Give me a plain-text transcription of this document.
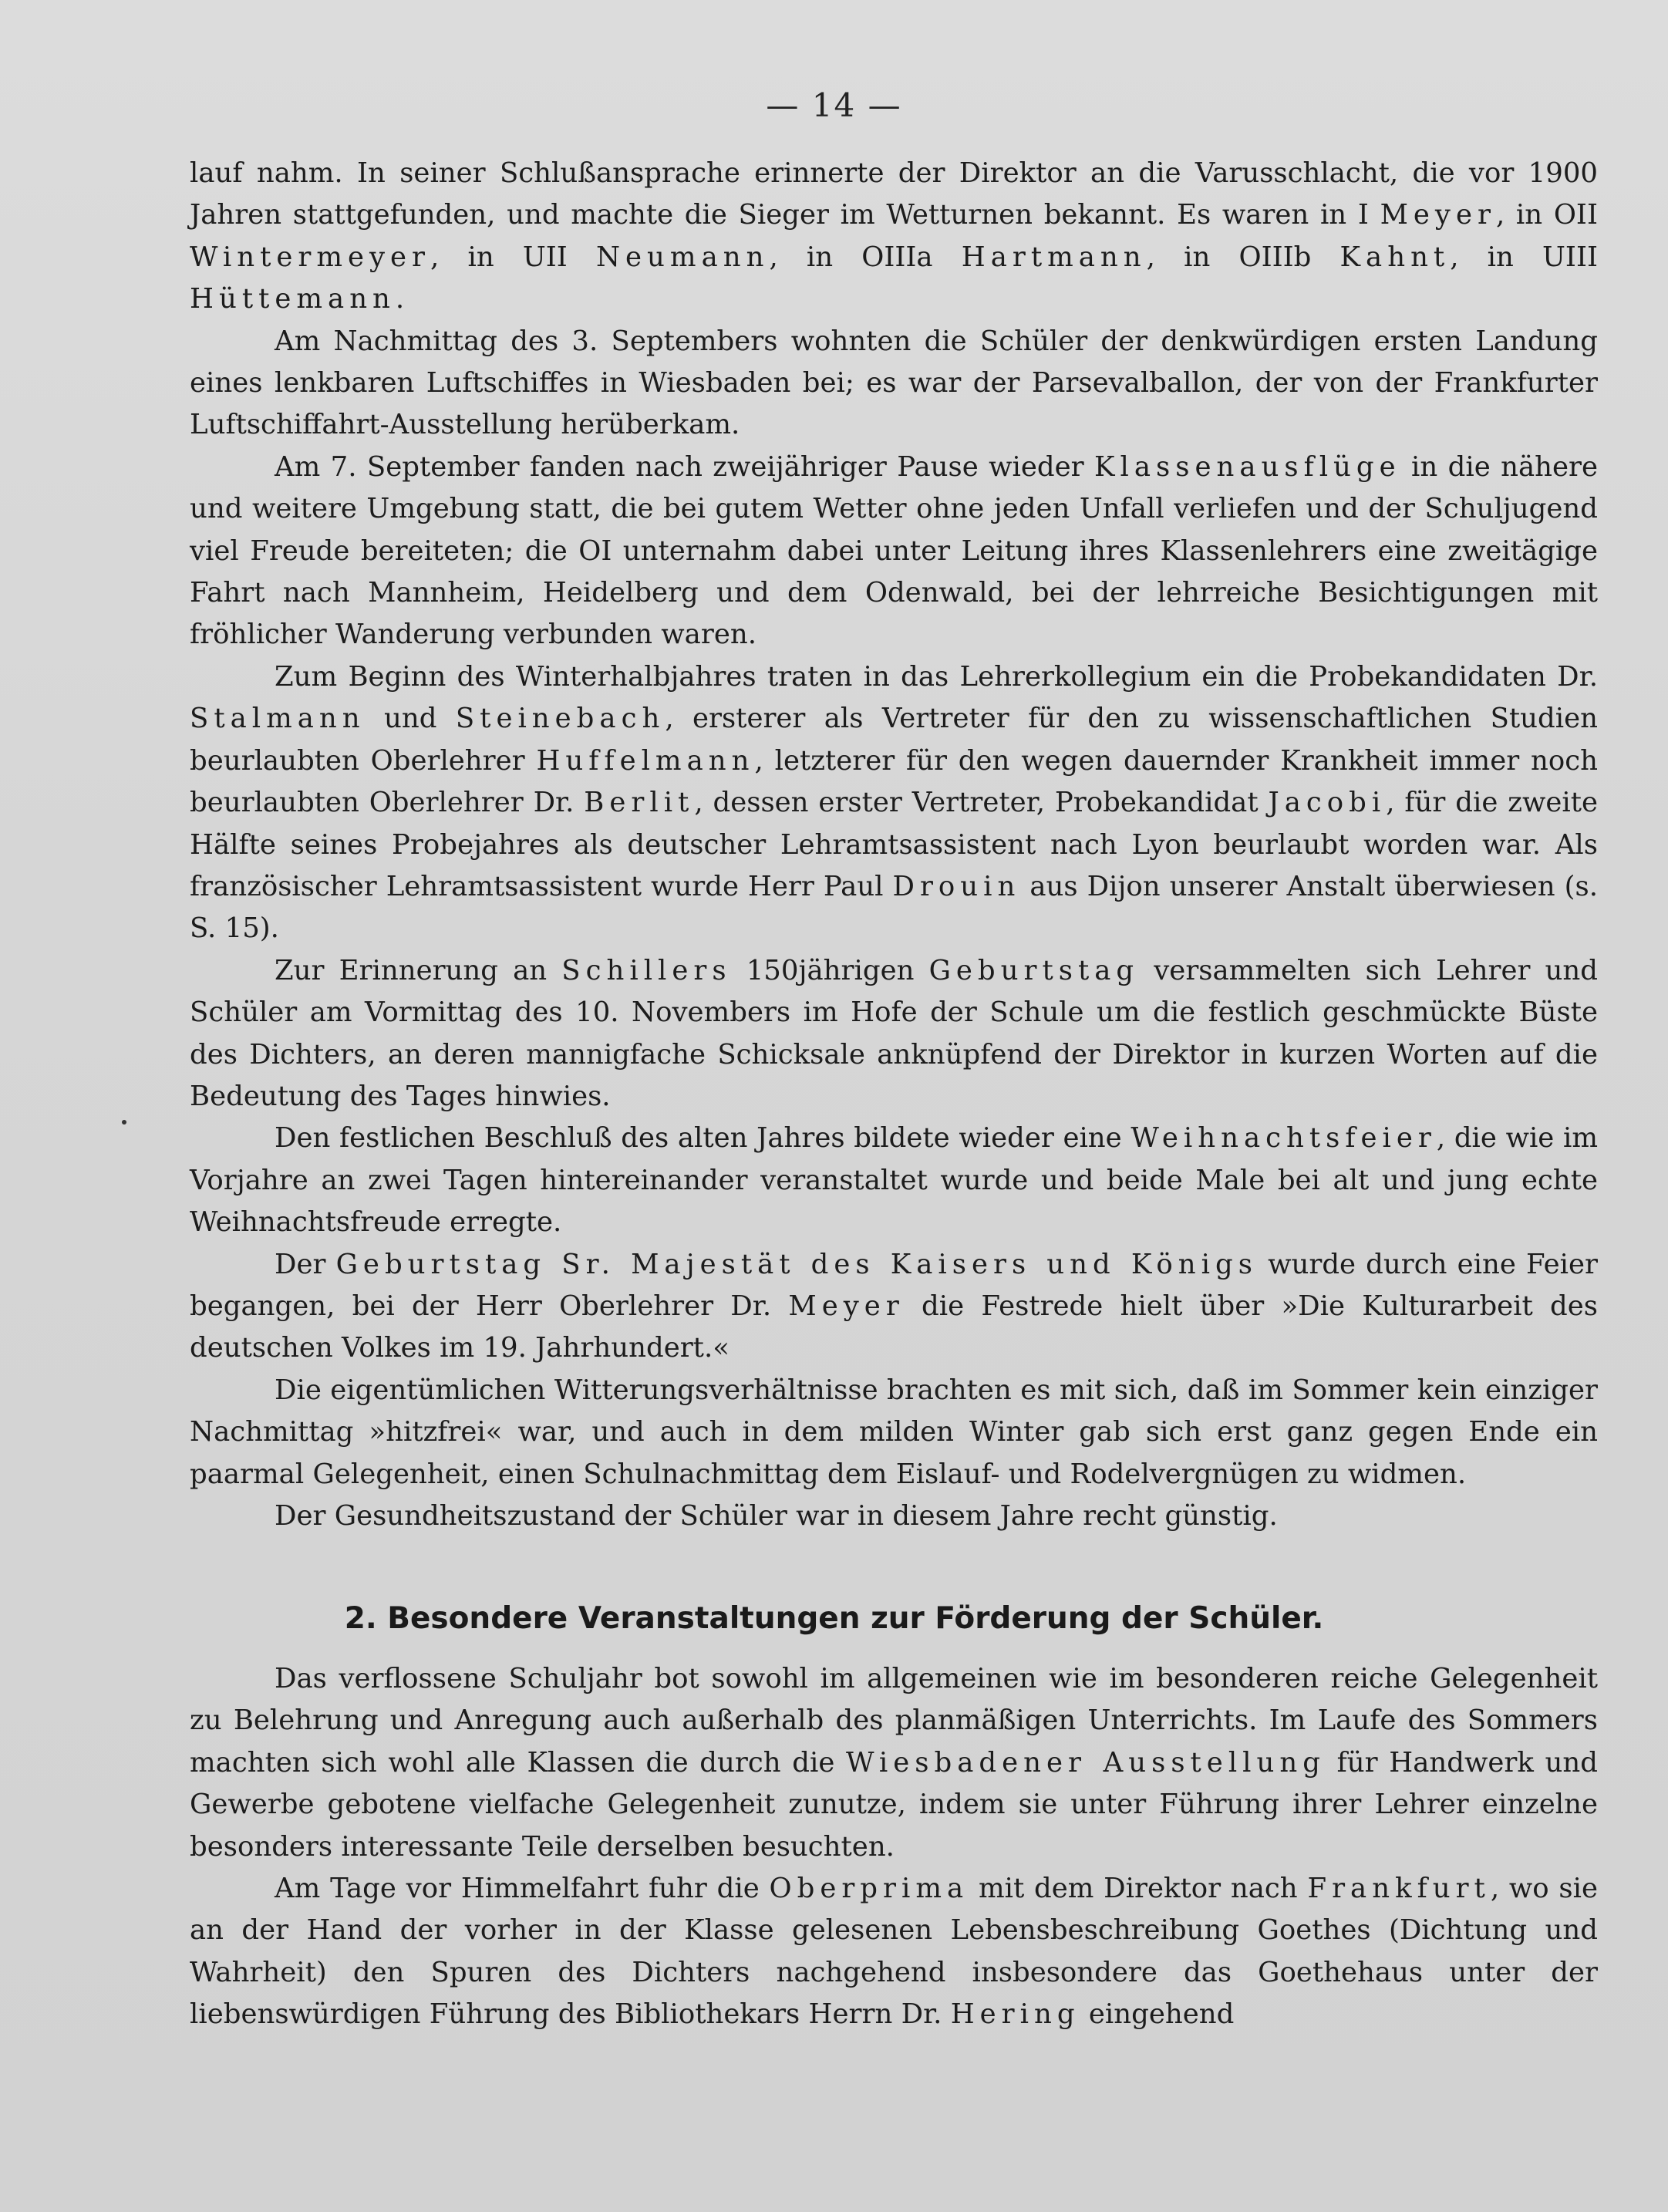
— 14 —

lauf nahm. In seiner Schlußansprache erinnerte der Direktor an die Varusschlacht, die vor 1900 Jahren stattgefunden, und machte die Sieger im Wetturnen bekannt. Es waren in I Meyer, in OII Wintermeyer, in UII Neumann, in OIIIa Hartmann, in OIIIb Kahnt, in UIII Hüttemann.

Am Nachmittag des 3. Septembers wohnten die Schüler der denkwürdigen ersten Landung eines lenkbaren Luftschiffes in Wiesbaden bei; es war der Parsevalballon, der von der Frankfurter Luftschiffahrt-Ausstellung herüberkam.

Am 7. September fanden nach zweijähriger Pause wieder Klassenausflüge in die nähere und weitere Umgebung statt, die bei gutem Wetter ohne jeden Unfall verliefen und der Schuljugend viel Freude bereiteten; die OI unternahm dabei unter Leitung ihres Klassenlehrers eine zweitägige Fahrt nach Mannheim, Heidelberg und dem Odenwald, bei der lehrreiche Besichtigungen mit fröhlicher Wanderung verbunden waren.

Zum Beginn des Winterhalbjahres traten in das Lehrerkollegium ein die Probekandidaten Dr. Stalmann und Steinebach, ersterer als Vertreter für den zu wissenschaftlichen Studien beurlaubten Oberlehrer Huffelmann, letzterer für den wegen dauernder Krankheit immer noch beurlaubten Oberlehrer Dr. Berlit, dessen erster Vertreter, Probekandidat Jacobi, für die zweite Hälfte seines Probejahres als deutscher Lehramtsassistent nach Lyon beurlaubt worden war. Als französischer Lehramtsassistent wurde Herr Paul Drouin aus Dijon unserer Anstalt überwiesen (s. S. 15).

Zur Erinnerung an Schillers 150jährigen Geburtstag versammelten sich Lehrer und Schüler am Vormittag des 10. Novembers im Hofe der Schule um die festlich geschmückte Büste des Dichters, an deren mannigfache Schicksale anknüpfend der Direktor in kurzen Worten auf die Bedeutung des Tages hinwies.

Den festlichen Beschluß des alten Jahres bildete wieder eine Weihnachtsfeier, die wie im Vorjahre an zwei Tagen hintereinander veranstaltet wurde und beide Male bei alt und jung echte Weihnachtsfreude erregte.

Der Geburtstag Sr. Majestät des Kaisers und Königs wurde durch eine Feier begangen, bei der Herr Oberlehrer Dr. Meyer die Festrede hielt über »Die Kulturarbeit des deutschen Volkes im 19. Jahrhundert.«

Die eigentümlichen Witterungsverhältnisse brachten es mit sich, daß im Sommer kein einziger Nachmittag »hitzfrei« war, und auch in dem milden Winter gab sich erst ganz gegen Ende ein paarmal Gelegenheit, einen Schulnachmittag dem Eislauf- und Rodelvergnügen zu widmen.

Der Gesundheitszustand der Schüler war in diesem Jahre recht günstig.

2. Besondere Veranstaltungen zur Förderung der Schüler.

Das verflossene Schuljahr bot sowohl im allgemeinen wie im besonderen reiche Gelegenheit zu Belehrung und Anregung auch außerhalb des planmäßigen Unterrichts. Im Laufe des Sommers machten sich wohl alle Klassen die durch die Wiesbadener Ausstellung für Handwerk und Gewerbe gebotene vielfache Gelegenheit zunutze, indem sie unter Führung ihrer Lehrer einzelne besonders interessante Teile derselben besuchten.

Am Tage vor Himmelfahrt fuhr die Oberprima mit dem Direktor nach Frankfurt, wo sie an der Hand der vorher in der Klasse gelesenen Lebensbeschreibung Goethes (Dichtung und Wahrheit) den Spuren des Dichters nachgehend insbesondere das Goethehaus unter der liebenswürdigen Führung des Bibliothekars Herrn Dr. Hering eingehend
